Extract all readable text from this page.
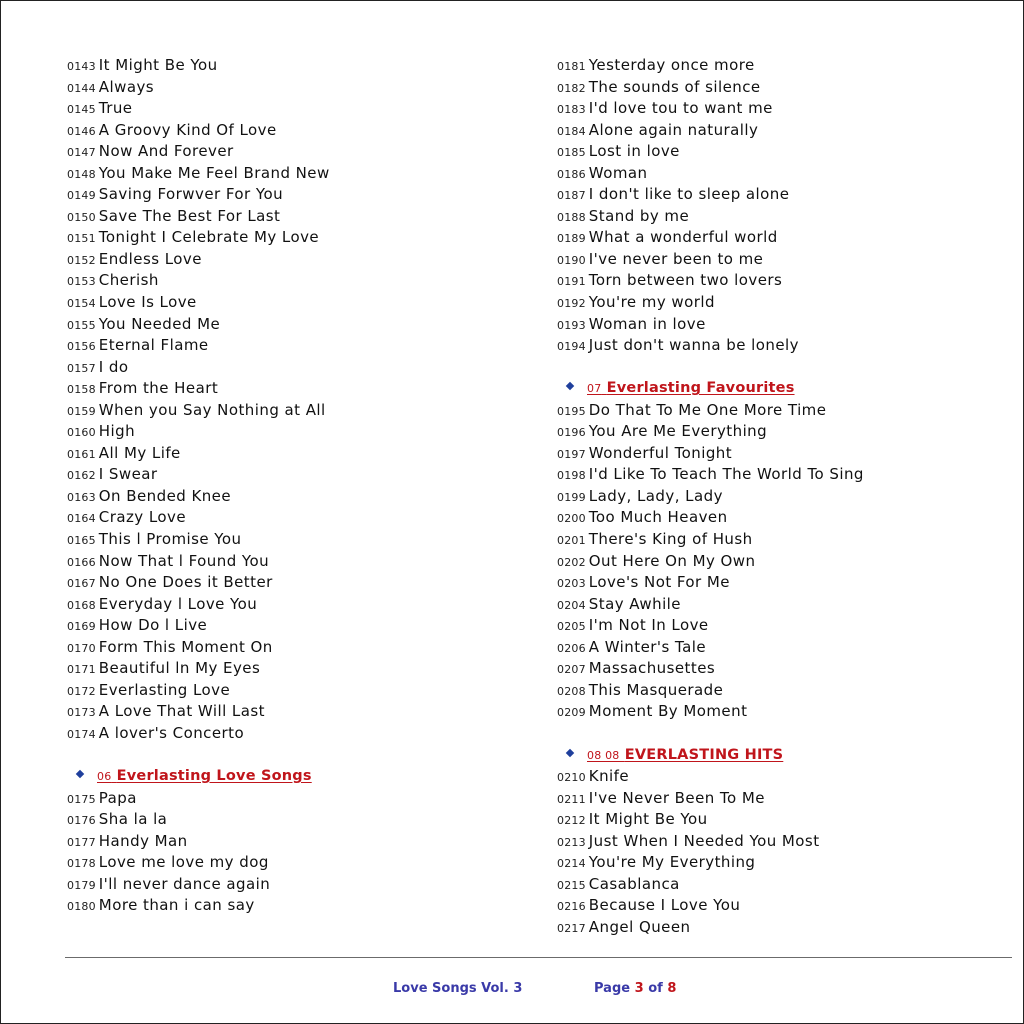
0143 It Might Be You
0144 Always
0145 True
0146 A Groovy Kind Of Love
0147 Now And Forever
0148 You Make Me Feel Brand New
0149 Saving Forwver For You
0150 Save The Best For Last
0151 Tonight I Celebrate My Love
0152 Endless Love
0153 Cherish
0154 Love Is Love
0155 You Needed Me
0156 Eternal Flame
0157 I do
0158 From the Heart
0159 When you Say Nothing at All
0160 High
0161 All My Life
0162 I Swear
0163 On Bended Knee
0164 Crazy Love
0165 This l Promise You
0166 Now That l Found You
0167 No One Does it Better
0168 Everyday l Love You
0169 How Do l Live
0170 Form This Moment On
0171 Beautiful ln My Eyes
0172 Everlasting Love
0173 A Love That Will Last
0174 A lover's Concerto
06 Everlasting Love Songs
0175 Papa
0176 Sha la la
0177 Handy Man
0178 Love me love my dog
0179 I'll never dance again
0180 More than i can say
0181 Yesterday once more
0182 The sounds of silence
0183 I'd love tou to want me
0184 Alone again naturally
0185 Lost in love
0186 Woman
0187 I don't like to sleep alone
0188 Stand by me
0189 What a wonderful world
0190 I've never been to me
0191 Torn between two lovers
0192 You're my world
0193 Woman in love
0194 Just don't wanna be lonely
07 Everlasting Favourites
0195 Do That To Me One More Time
0196 You Are Me Everything
0197 Wonderful Tonight
0198 I'd Like To Teach The World To Sing
0199 Lady, Lady, Lady
0200 Too Much Heaven
0201 There's King of Hush
0202 Out Here On My Own
0203 Love's Not For Me
0204 Stay Awhile
0205 I'm Not In Love
0206 A Winter's Tale
0207 Massachusettes
0208 This Masquerade
0209 Moment By Moment
08 08 EVERLASTING HITS
0210 Knife
0211 I've Never Been To Me
0212 It Might Be You
0213 Just When I Needed You Most
0214 You're My Everything
0215 Casablanca
0216 Because I Love You
0217 Angel Queen
Love Songs Vol. 3	Page 3 of 8
